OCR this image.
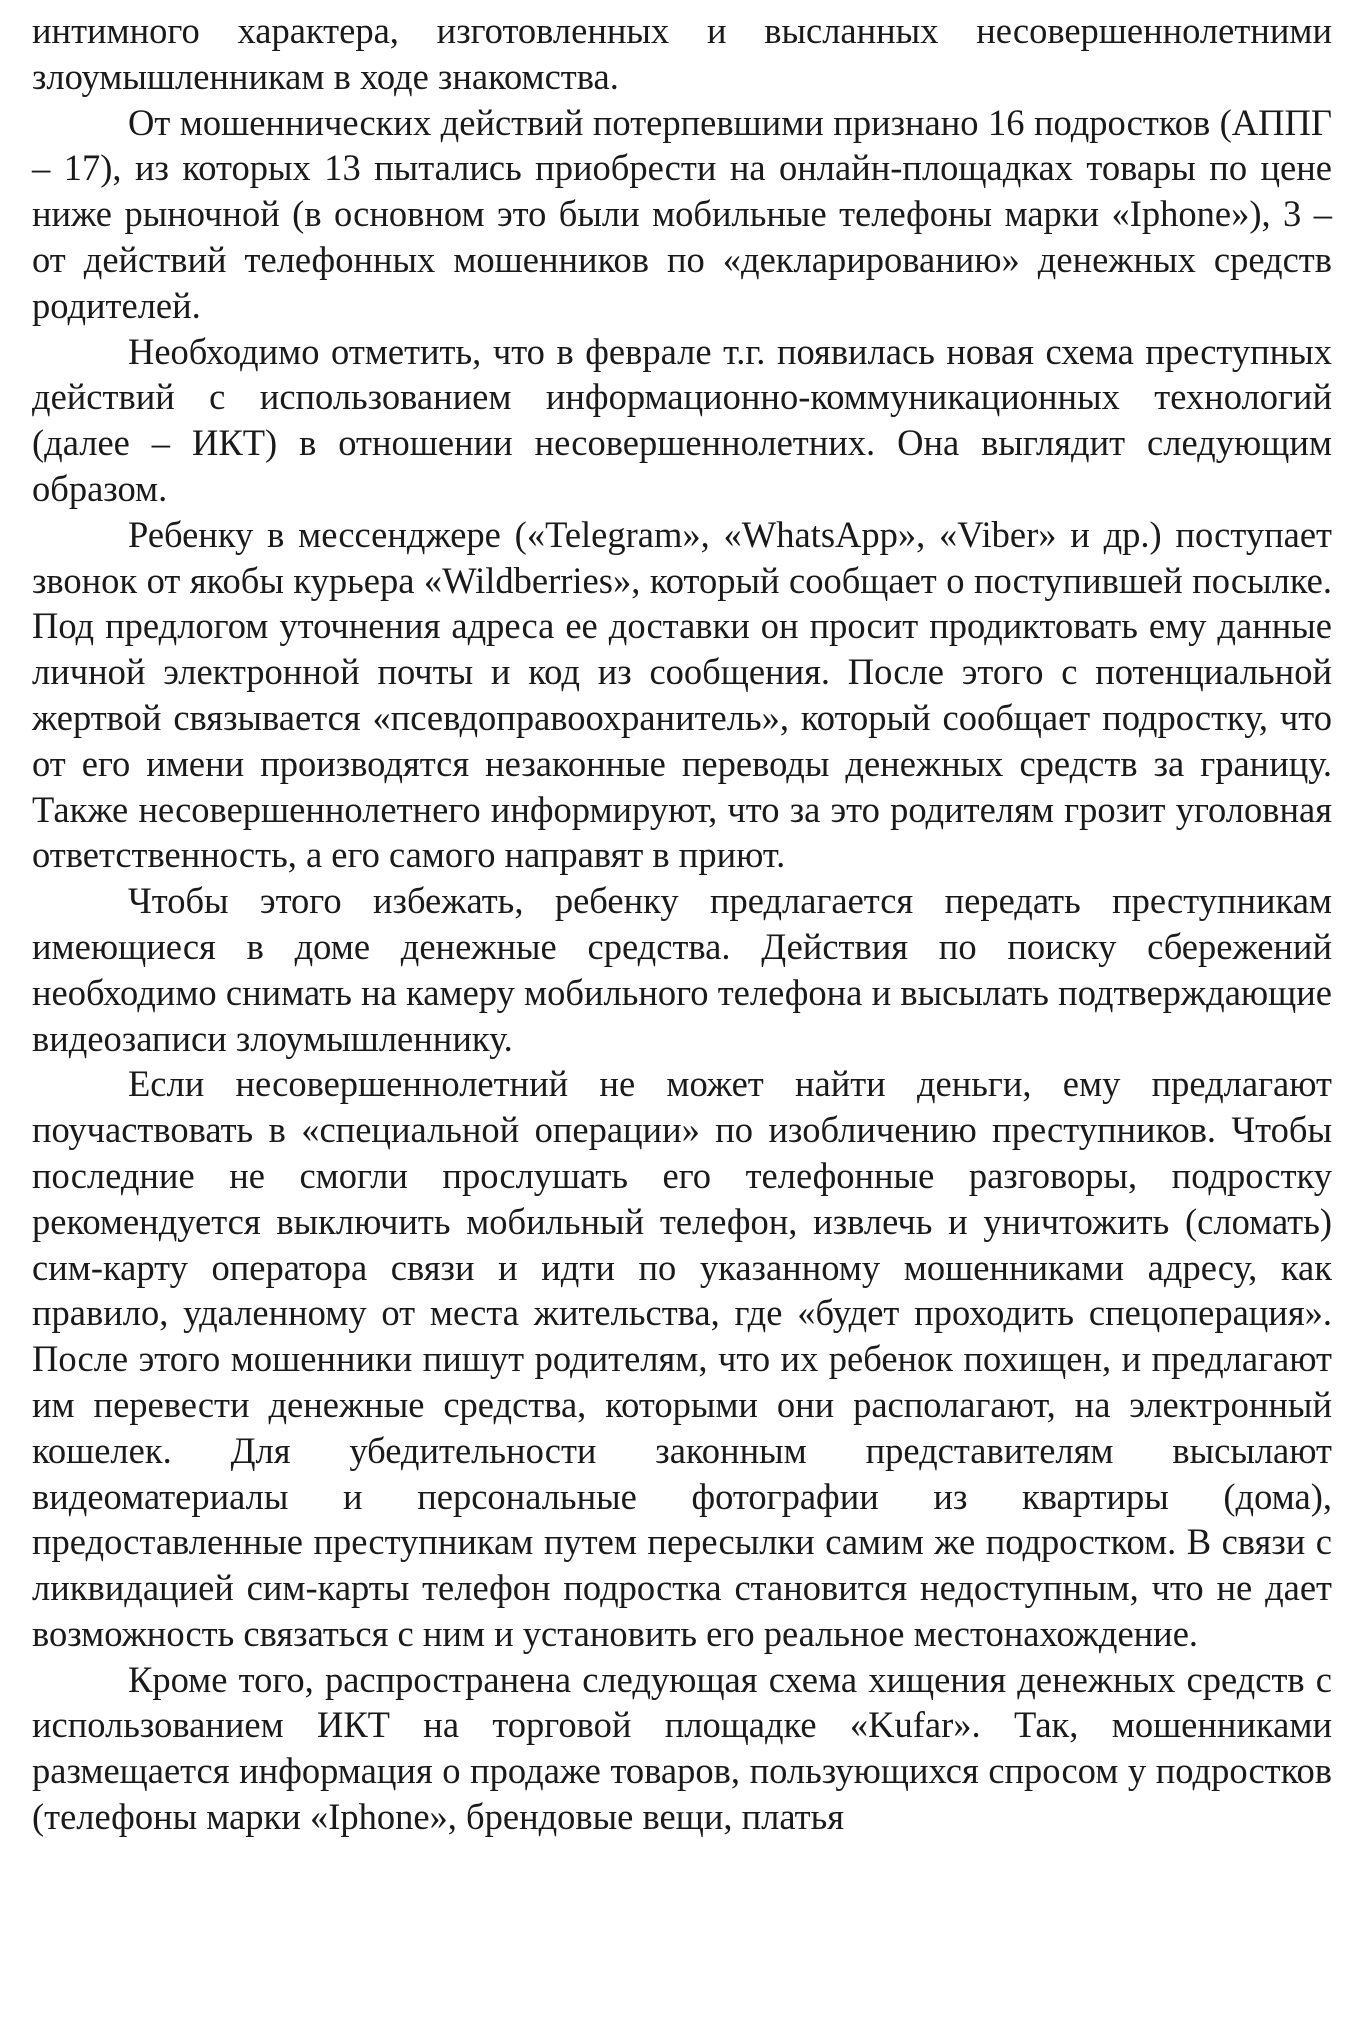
интимного характера, изготовленных и высланных несовершеннолетними злоумышленникам в ходе знакомства.

От мошеннических действий потерпевшими признано 16 подростков (АППГ – 17), из которых 13 пытались приобрести на онлайн-площадках товары по цене ниже рыночной (в основном это были мобильные телефоны марки «Iphone»), 3 – от действий телефонных мошенников по «декларированию» денежных средств родителей.

Необходимо отметить, что в феврале т.г. появилась новая схема преступных действий с использованием информационно-коммуникационных технологий (далее – ИКТ) в отношении несовершеннолетних. Она выглядит следующим образом.

Ребенку в мессенджере («Telegram», «WhatsApp», «Viber» и др.) поступает звонок от якобы курьера «Wildberries», который сообщает о поступившей посылке. Под предлогом уточнения адреса ее доставки он просит продиктовать ему данные личной электронной почты и код из сообщения. После этого с потенциальной жертвой связывается «псевдоправоохранитель», который сообщает подростку, что от его имени производятся незаконные переводы денежных средств за границу. Также несовершеннолетнего информируют, что за это родителям грозит уголовная ответственность, а его самого направят в приют.

Чтобы этого избежать, ребенку предлагается передать преступникам имеющиеся в доме денежные средства. Действия по поиску сбережений необходимо снимать на камеру мобильного телефона и высылать подтверждающие видеозаписи злоумышленнику.

Если несовершеннолетний не может найти деньги, ему предлагают поучаствовать в «специальной операции» по изобличению преступников. Чтобы последние не смогли прослушать его телефонные разговоры, подростку рекомендуется выключить мобильный телефон, извлечь и уничтожить (сломать) сим-карту оператора связи и идти по указанному мошенниками адресу, как правило, удаленному от места жительства, где «будет проходить спецоперация». После этого мошенники пишут родителям, что их ребенок похищен, и предлагают им перевести денежные средства, которыми они располагают, на электронный кошелек. Для убедительности законным представителям высылают видеоматериалы и персональные фотографии из квартиры (дома), предоставленные преступникам путем пересылки самим же подростком. В связи с ликвидацией сим-карты телефон подростка становится недоступным, что не дает возможность связаться с ним и установить его реальное местонахождение.

Кроме того, распространена следующая схема хищения денежных средств с использованием ИКТ на торговой площадке «Kufar». Так, мошенниками размещается информация о продаже товаров, пользующихся спросом у подростков (телефоны марки «Iphone», брендовые вещи, платья
